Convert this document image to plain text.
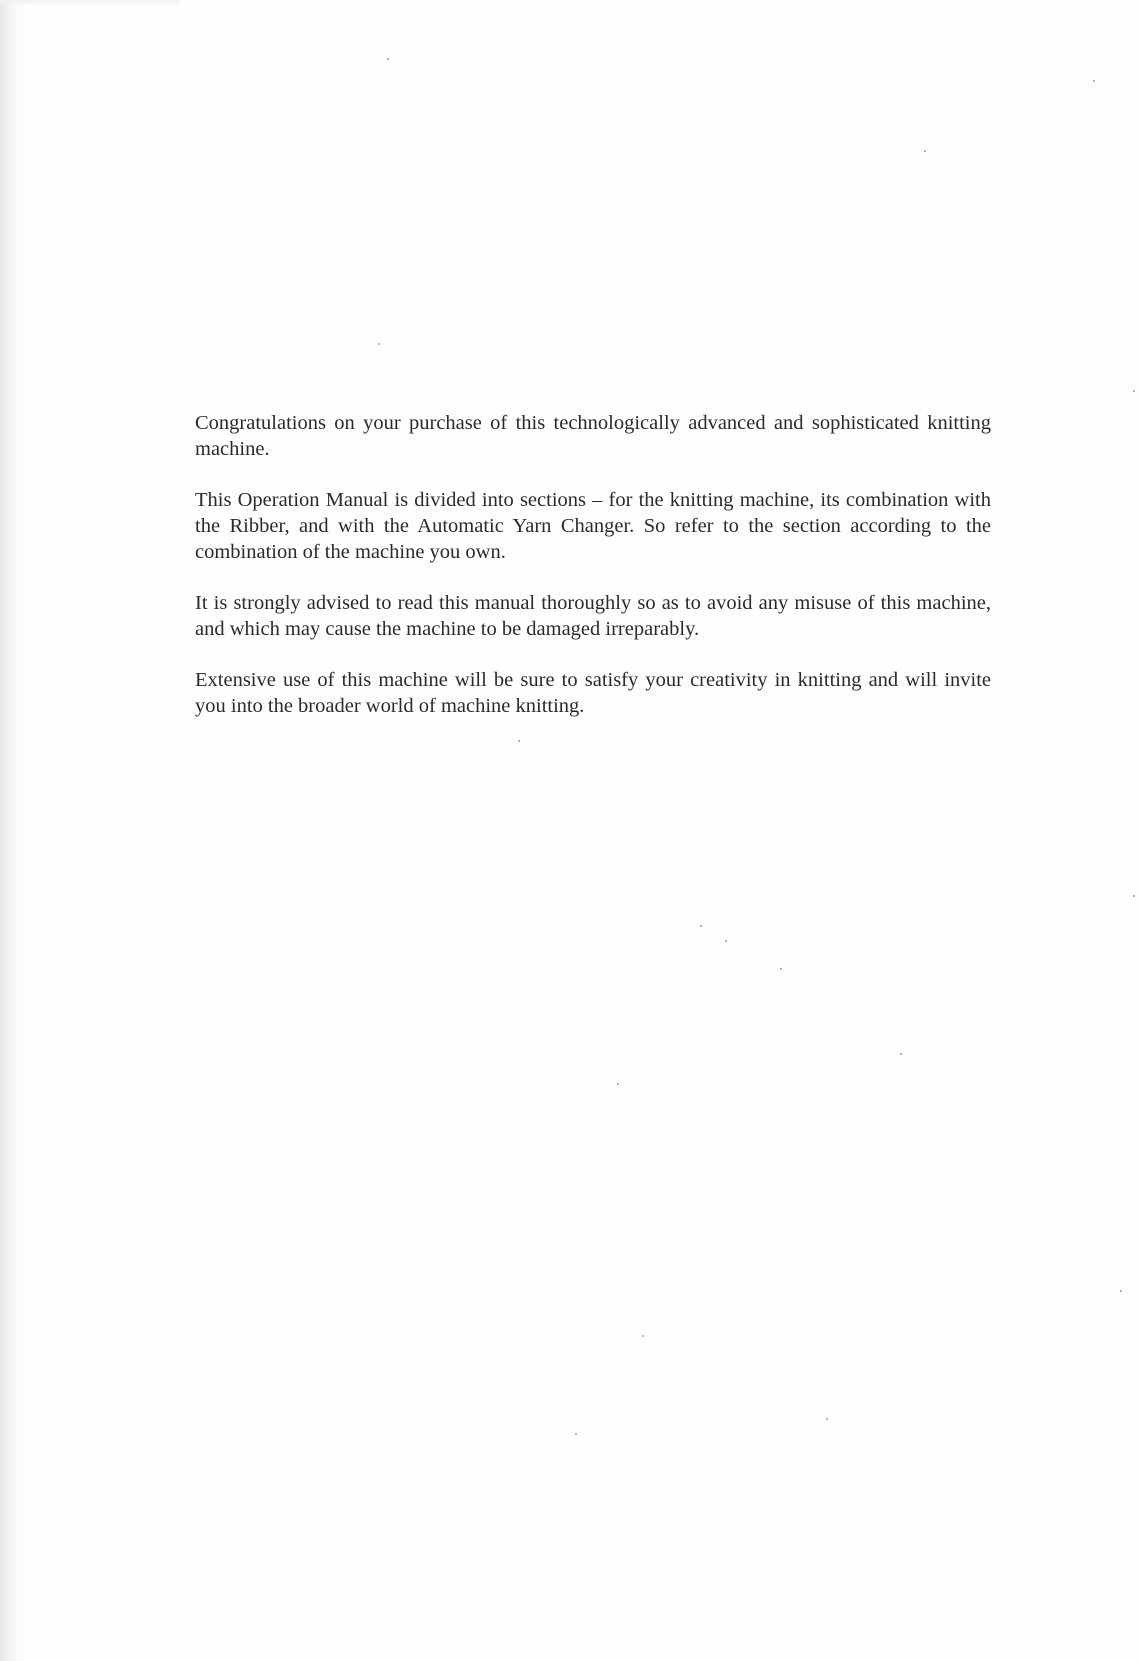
Congratulations on your purchase of this technologically advanced and sophisticated knitting machine.

This Operation Manual is divided into sections – for the knitting machine, its combination with the Ribber, and with the Automatic Yarn Changer. So refer to the section according to the combination of the machine you own.

It is strongly advised to read this manual thoroughly so as to avoid any misuse of this machine, and which may cause the machine to be damaged irreparably.

Extensive use of this machine will be sure to satisfy your creativity in knitting and will invite you into the broader world of machine knitting.
